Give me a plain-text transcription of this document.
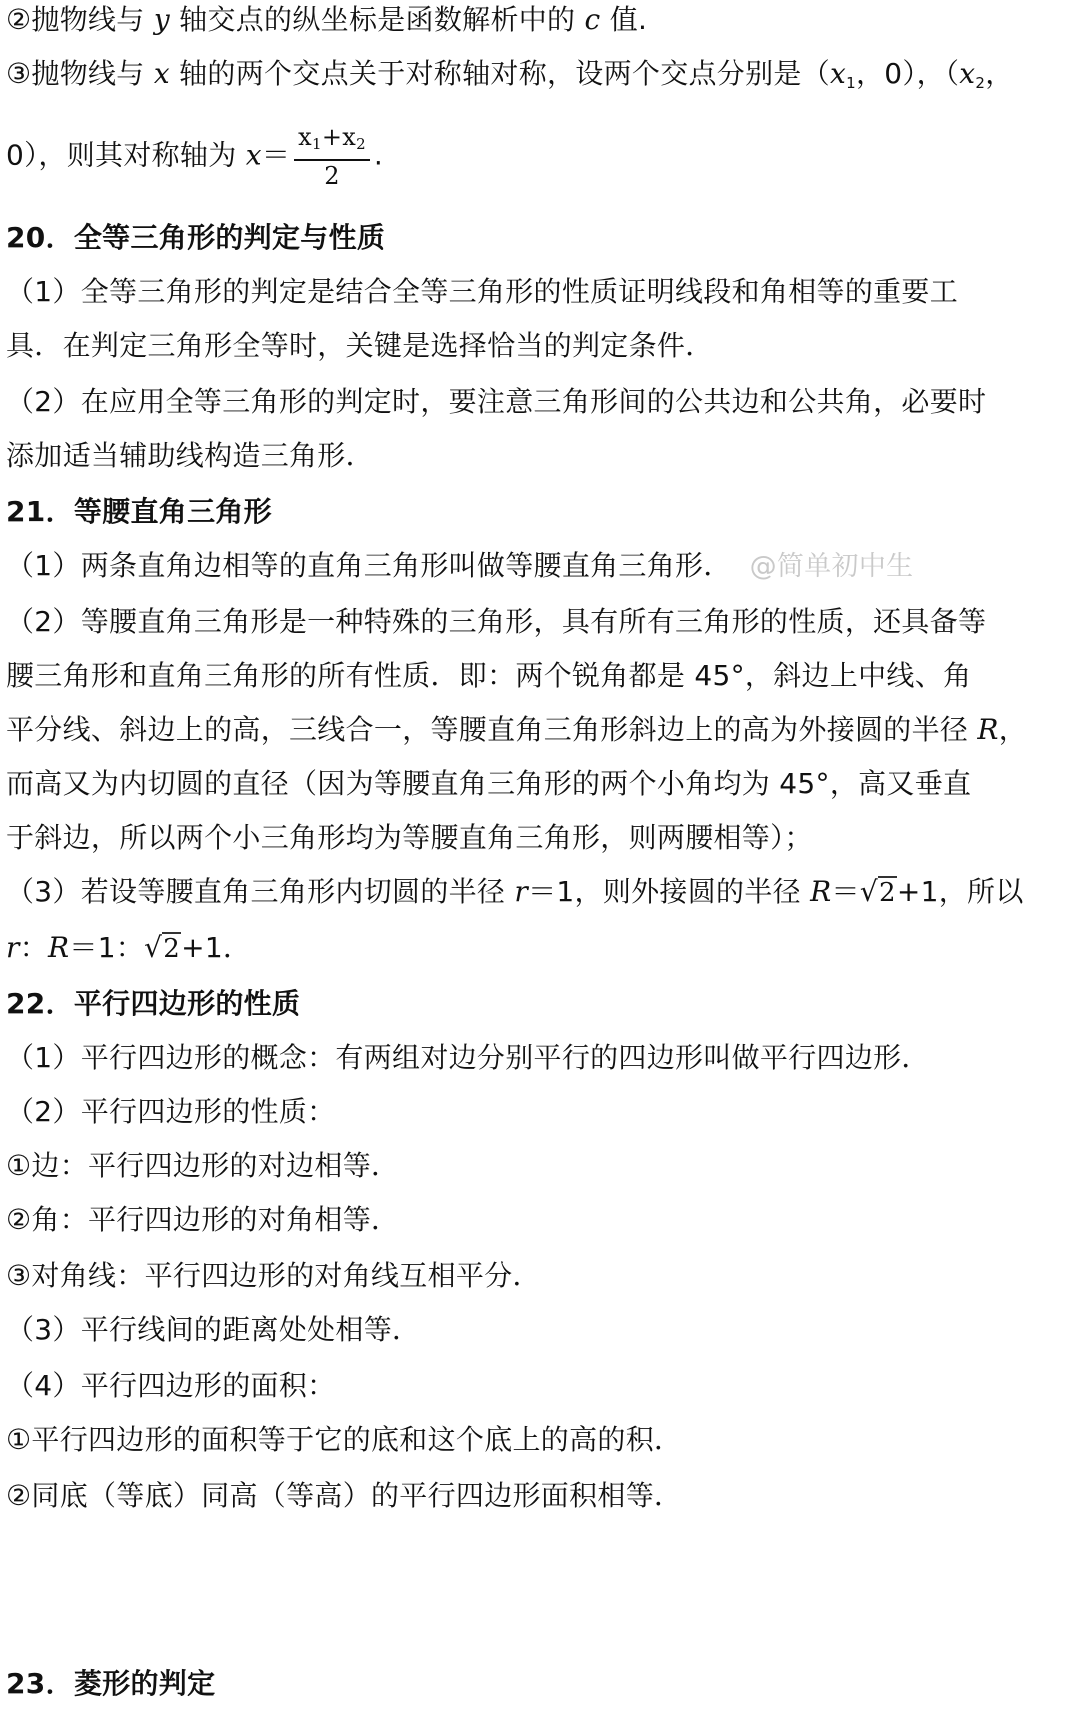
②抛物线与 y 轴交点的纵坐标是函数解析中的 c 值.
③抛物线与 x 轴的两个交点关于对称轴对称，设两个交点分别是（$x_1$，0），（$x_2$，
0），则其对称轴为 $x= \frac{x1+x2}{2}$ .
20．全等三角形的判定与性质
（1）全等三角形的判定是结合全等三角形的性质证明线段和角相等的重要工
具．在判定三角形全等时，关键是选择恰当的判定条件．
（2）在应用全等三角形的判定时，要注意三角形间的公共边和公共角，必要时
添加适当辅助线构造三角形．
21．等腰直角三角形
（1）两条直角边相等的直角三角形叫做等腰直角三角形． @简单初中生
（2）等腰直角三角形是一种特殊的三角形，具有所有三角形的性质，还具备等
腰三角形和直角三角形的所有性质．即：两个锐角都是 45°，斜边上中线、角
平分线、斜边上的高，三线合一，等腰直角三角形斜边上的高为外接圆的半径 R，
而高又为内切圆的直径（因为等腰直角三角形的两个小角均为 45°，高又垂直
于斜边，所以两个小三角形均为等腰直角三角形，则两腰相等）；
（3）若设等腰直角三角形内切圆的半径 r＝1，则外接圆的半径 R＝√2+1，所以
r：R＝1：√2+1．
22．平行四边形的性质
（1）平行四边形的概念：有两组对边分别平行的四边形叫做平行四边形．
（2）平行四边形的性质：
①边：平行四边形的对边相等．
②角：平行四边形的对角相等．
③对角线：平行四边形的对角线互相平分．
（3）平行线间的距离处处相等．
（4）平行四边形的面积：
①平行四边形的面积等于它的底和这个底上的高的积．
②同底（等底）同高（等高）的平行四边形面积相等．
23．菱形的判定
